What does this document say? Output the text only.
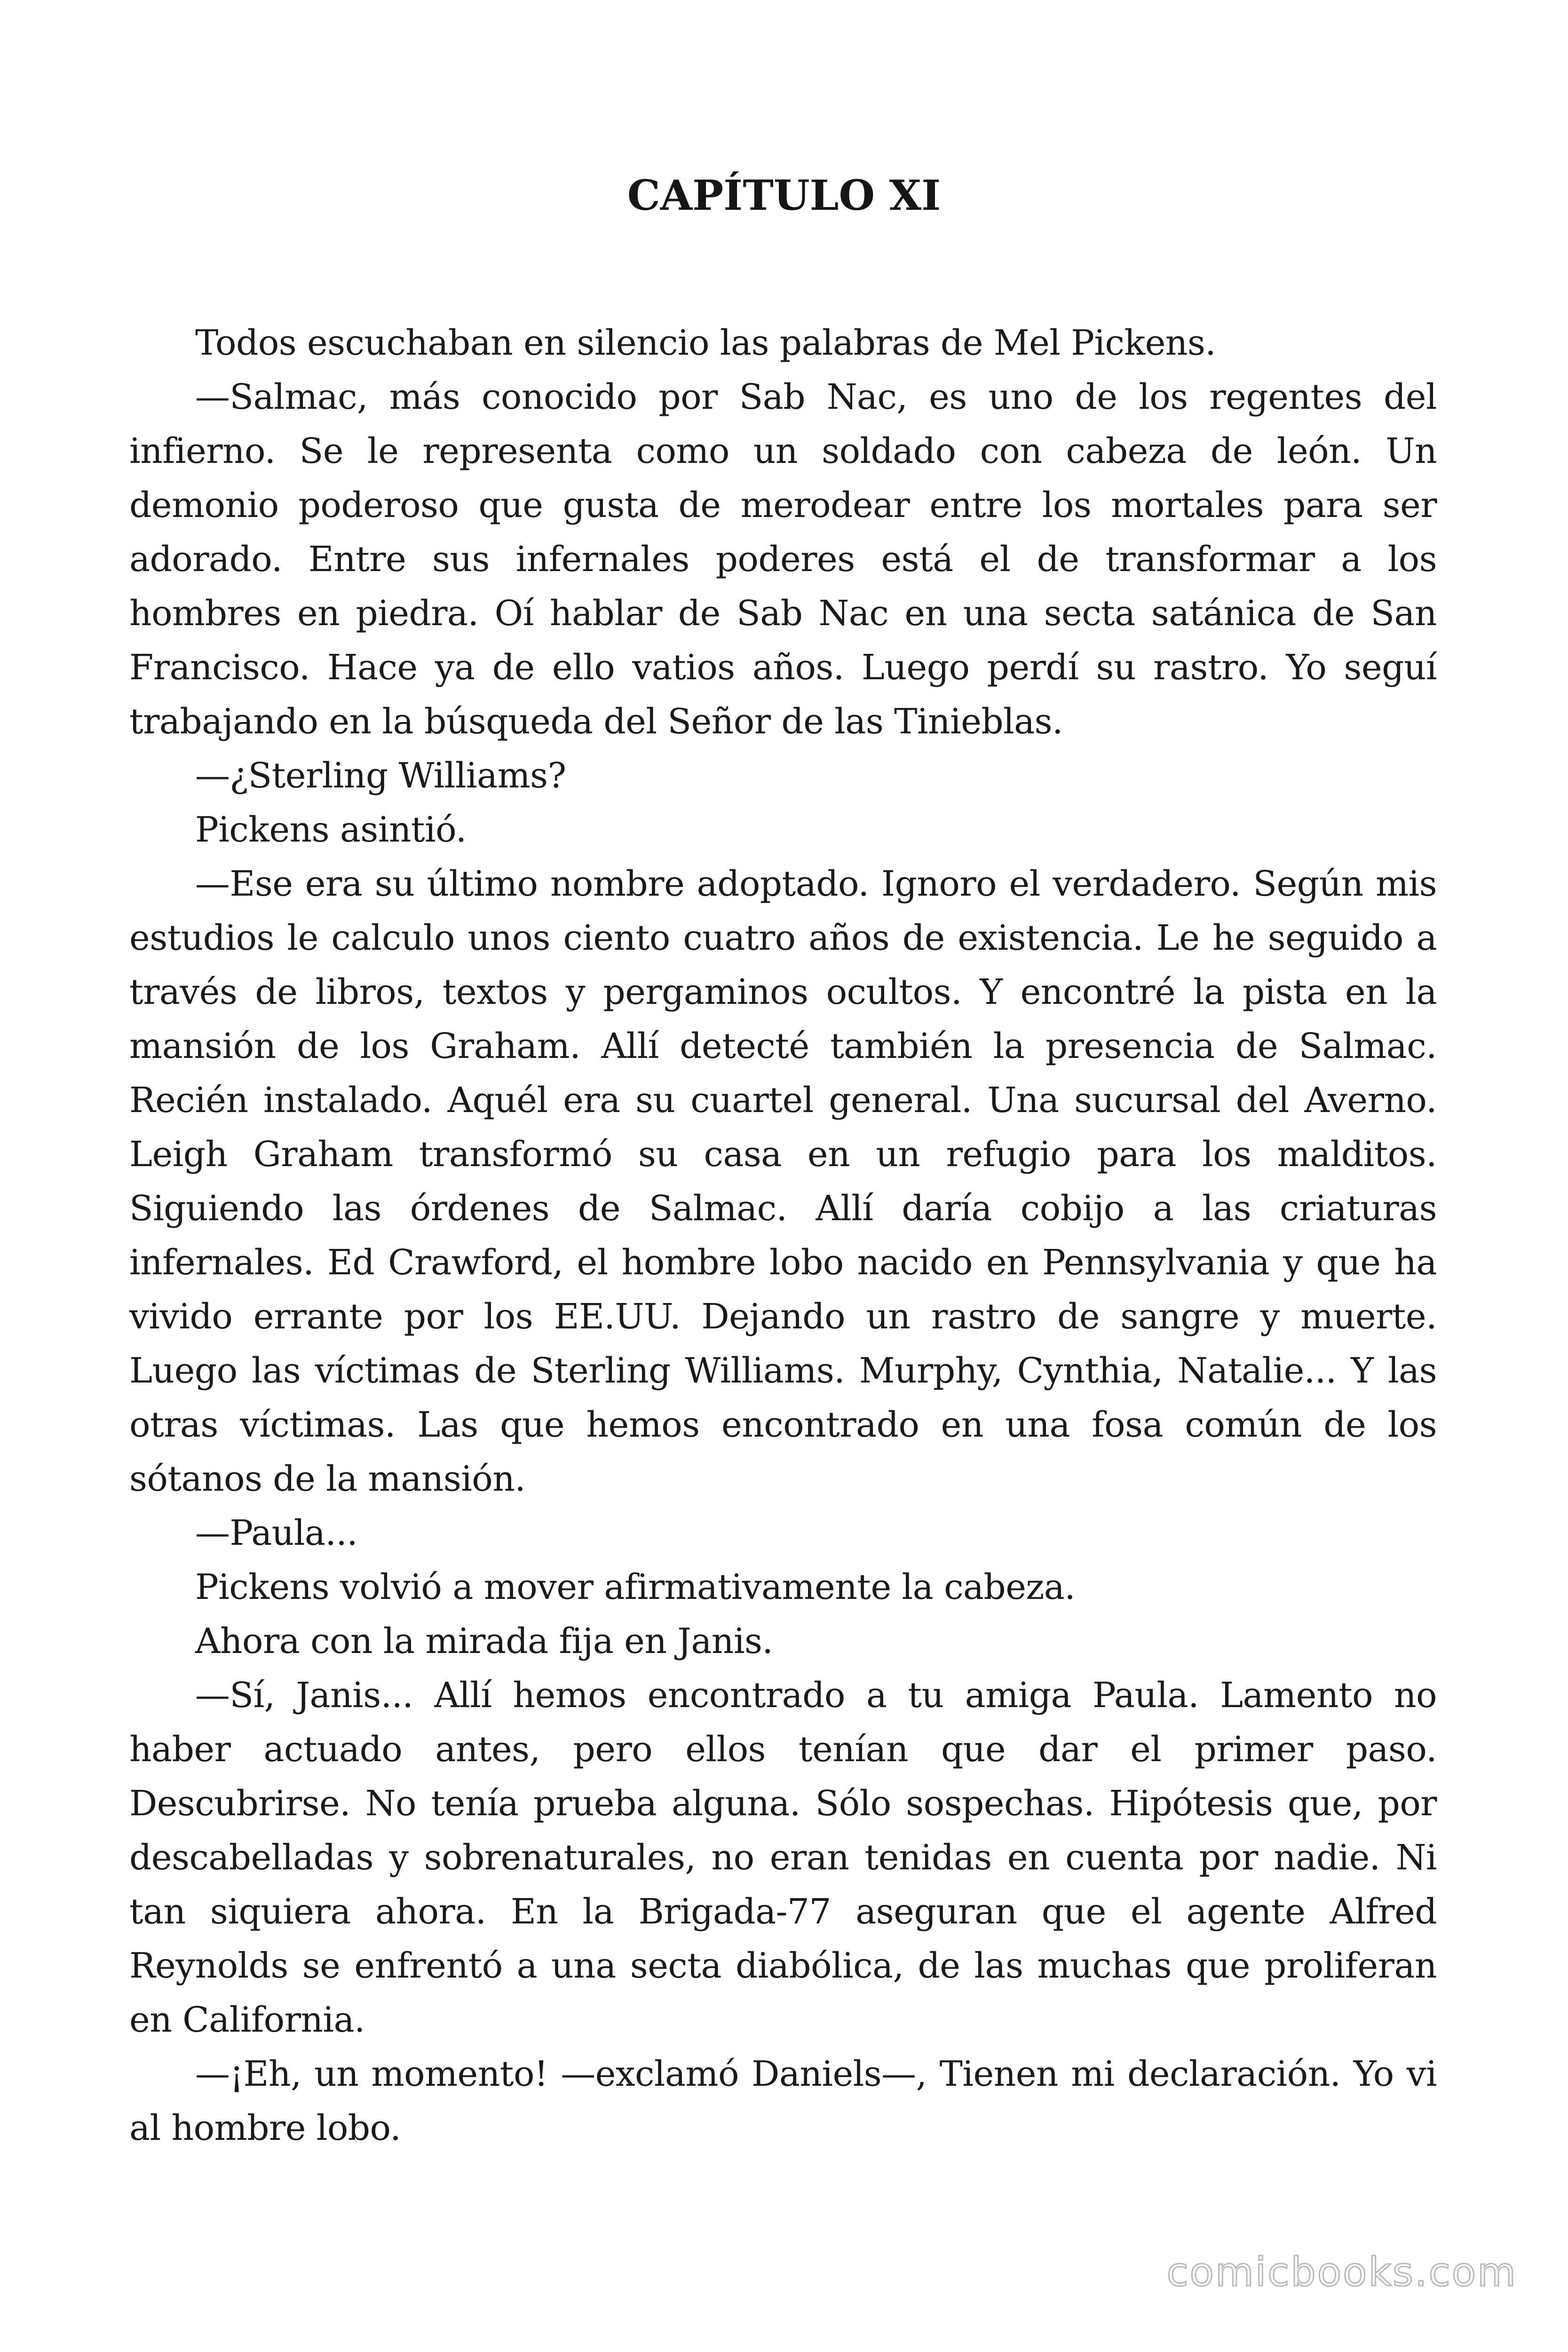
CAPÍTULO XI

Todos escuchaban en silencio las palabras de Mel Pickens.

—Salmac, más conocido por Sab Nac, es uno de los regentes del infierno. Se le representa como un soldado con cabeza de león. Un demonio poderoso que gusta de merodear entre los mortales para ser adorado. Entre sus infernales poderes está el de transformar a los hombres en piedra. Oí hablar de Sab Nac en una secta satánica de San Francisco. Hace ya de ello vatios años. Luego perdí su rastro. Yo seguí trabajando en la búsqueda del Señor de las Tinieblas.

—¿Sterling Williams?

Pickens asintió.

—Ese era su último nombre adoptado. Ignoro el verdadero. Según mis estudios le calculo unos ciento cuatro años de existencia. Le he seguido a través de libros, textos y pergaminos ocultos. Y encontré la pista en la mansión de los Graham. Allí detecté también la presencia de Salmac. Recién instalado. Aquél era su cuartel general. Una sucursal del Averno. Leigh Graham transformó su casa en un refugio para los malditos. Siguiendo las órdenes de Salmac. Allí daría cobijo a las criaturas infernales. Ed Crawford, el hombre lobo nacido en Pennsylvania y que ha vivido errante por los EE.UU. Dejando un rastro de sangre y muerte. Luego las víctimas de Sterling Williams. Murphy, Cynthia, Natalie... Y las otras víctimas. Las que hemos encontrado en una fosa común de los sótanos de la mansión.

—Paula...

Pickens volvió a mover afirmativamente la cabeza.

Ahora con la mirada fija en Janis.

—Sí, Janis... Allí hemos encontrado a tu amiga Paula. Lamento no haber actuado antes, pero ellos tenían que dar el primer paso. Descubrirse. No tenía prueba alguna. Sólo sospechas. Hipótesis que, por descabelladas y sobrenaturales, no eran tenidas en cuenta por nadie. Ni tan siquiera ahora. En la Brigada-77 aseguran que el agente Alfred Reynolds se enfrentó a una secta diabólica, de las muchas que proliferan en California.

—¡Eh, un momento! —exclamó Daniels—, Tienen mi declaración. Yo vi al hombre lobo.

comicbooks.com
